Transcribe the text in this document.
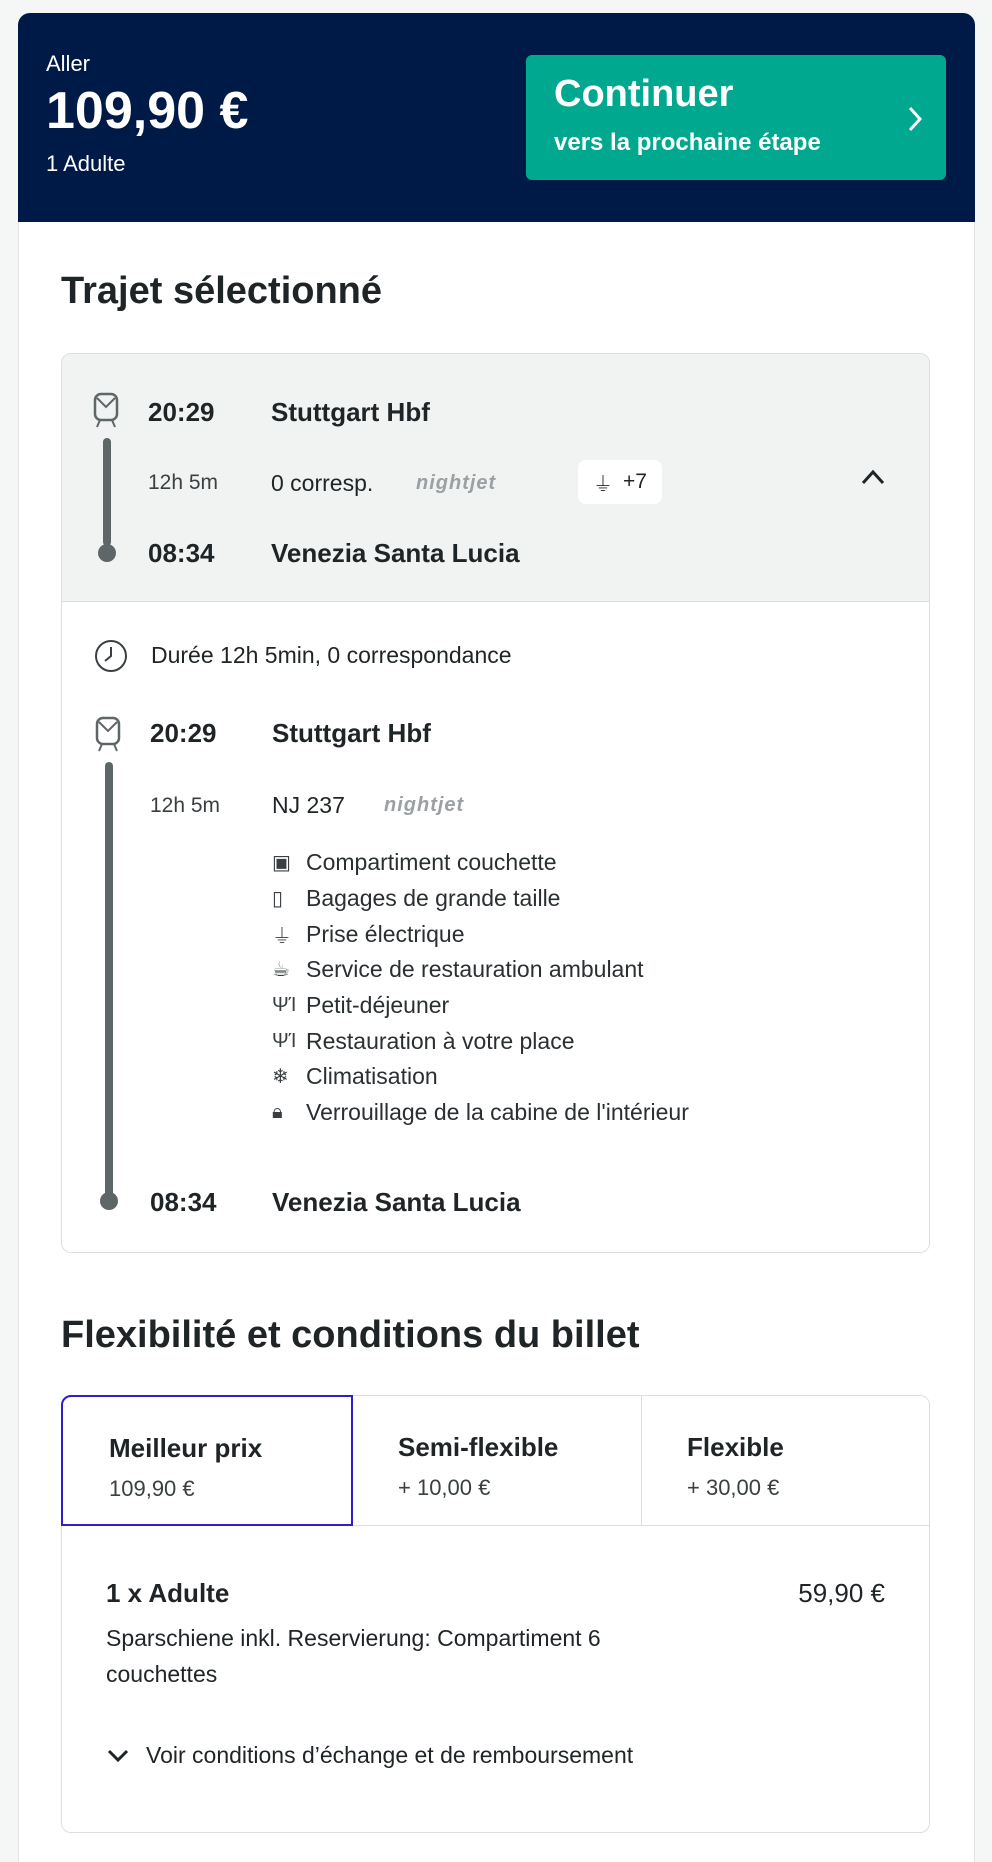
Aller
109,90 €
1 Adulte
Continuer
vers la prochaine étape
Trajet sélectionné
20:29 Stuttgart Hbf
12h 5m 0 corresp. nightjet	⏚ +7
08:34 Venezia Santa Lucia
Durée 12h 5min, 0 correspondance
20:29 Stuttgart Hbf
12h 5m NJ 237 nightjet
▣ Compartiment couchette
▯ Bagages de grande taille
⏚ Prise électrique
☕ Service de restauration ambulant
ΨΊ Petit-déjeuner
ΨΊ Restauration à votre place
❄ Climatisation
🔒︎	Verrouillage de la cabine de l'intérieur
08:34 Venezia Santa Lucia
Flexibilité et conditions du billet
Meilleur prix
109,90 €
Semi-flexible
+ 10,00 €
Flexible
+ 30,00 €
1 x Adulte	59,90 €
Sparschiene inkl. Reservierung: Compartiment 6 couchettes
Voir conditions d’échange et de remboursement
